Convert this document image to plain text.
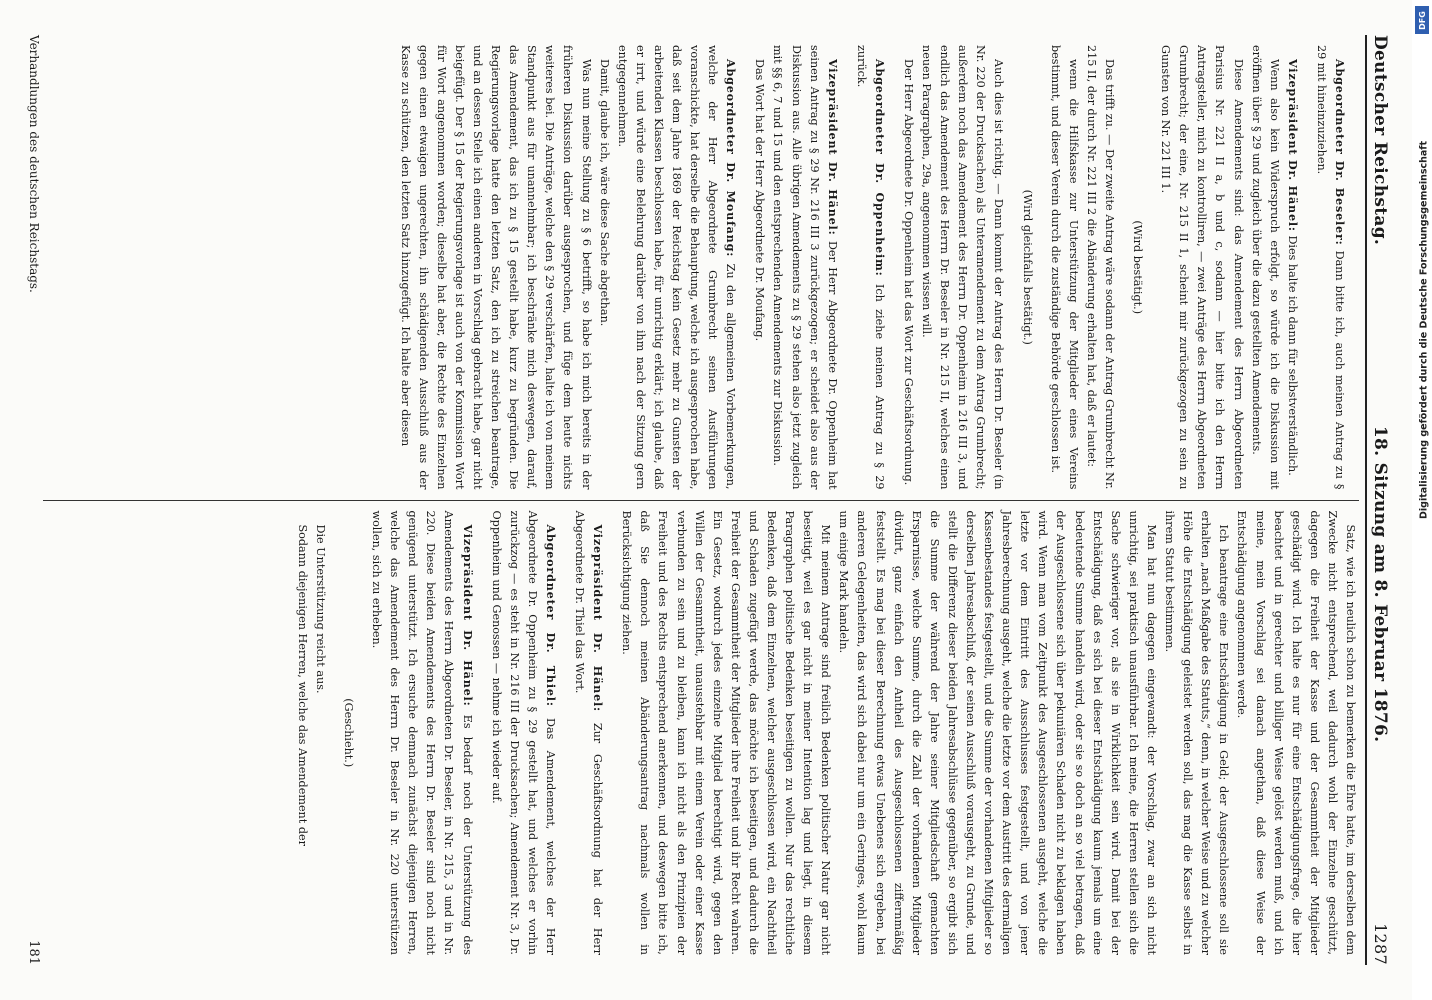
Deutscher Reichstag.
18. Sitzung am 8. Februar 1876.
1287

Abgeordneter Dr. Beseler: Dann bitte ich, auch meinen Antrag zu § 29 mit hineinzuziehen.

Vizepräsident Dr. Hänel: Dies halte ich dann für selbstverständlich.

Wenn also kein Widerspruch erfolgt, so würde ich die Diskussion mit eröffnen über § 29 und zugleich über die dazu gestellten Amendements.

Diese Amendements sind: das Amendement des Herrn Abgeordneten Parisius Nr. 221 II a, b und c, sodann — hier bitte ich den Herrn Antragsteller, mich zu kontrolliren, — zwei Anträge des Herrn Abgeordneten Grumbrecht; der eine, Nr. 215 II 1, scheint mir zurückgezogen zu sein zu Gunsten von Nr. 221 III 1.

(Wird bestätigt.)

Das trifft zu. — Der zweite Antrag wäre sodann der Antrag Grumbrecht Nr. 215 II, der durch Nr. 221 III 2 die Abänderung erhalten hat, daß er lautet:

wenn die Hilfskasse zur Unterstützung der Mitglieder eines Vereins bestimmt, und dieser Verein durch die zuständige Behörde geschlossen ist.

(Wird gleichfalls bestätigt.)

Auch dies ist richtig. — Dann kommt der Antrag des Herrn Dr. Beseler (in Nr. 220 der Drucksachen) als Unteramendement zu dem Antrag Grumbrecht; außerdem noch das Amendement des Herrn Dr. Oppenheim in 216 III 3, und endlich das Amendement des Herrn Dr. Beseler in Nr. 215 II, welches einen neuen Paragraphen, 29a, angenommen wissen will.

Der Herr Abgeordnete Dr. Oppenheim hat das Wort zur Geschäftsordnung.

Abgeordneter Dr. Oppenheim: Ich ziehe meinen Antrag zu § 29 zurück.

Vizepräsident Dr. Hänel: Der Herr Abgeordnete Dr. Oppenheim hat seinen Antrag zu § 29 Nr. 216 III 3 zurückgezogen; er scheidet also aus der Diskussion aus. Alle übrigen Amendements zu § 29 stehen also jetzt zugleich mit §§ 6, 7 und 15 und den entsprechenden Amendements zur Diskussion.

Das Wort hat der Herr Abgeordnete Dr. Moufang.

Abgeordneter Dr. Moufang: Zu den allgemeinen Vorbemerkungen, welche der Herr Abgeordnete Grumbrecht seinen Ausführungen voranschickte, hat derselbe die Behauptung, welche ich ausgesprochen habe, daß seit dem Jahre 1869 der Reichstag kein Gesetz mehr zu Gunsten der arbeitenden Klassen beschlossen habe, für unrichtig erklärt; ich glaube, daß er irrt, und würde eine Belehrung darüber von ihm nach der Sitzung gern entgegennehmen.

Damit, glaube ich, wäre diese Sache abgethan.

Was nun meine Stellung zu § 6 betrifft, so habe ich mich bereits in der früheren Diskussion darüber ausgesprochen, und füge dem heute nichts weiteres bei. Die Anträge, welche den § 29 verschärfen, halte ich von meinem Standpunkt aus für unannehmbar; ich beschränke mich deswegen, darauf, das Amendement, das ich zu § 15 gestellt habe, kurz zu begründen. Die Regierungsvorlage hatte den letzten Satz, den ich zu streichen beantrage, und an dessen Stelle ich einen anderen in Vorschlag gebracht habe, gar nicht beigefügt. Der § 15 der Regierungsvorlage ist auch von der Kommission Wort für Wort angenommen worden; dieselbe hat aber, die Rechte des Einzelnen gegen einen etwaigen ungerechten, ihn schädigenden Ausschluß aus der Kasse zu schützen, den letzten Satz hinzugefügt. Ich halte aber diesen

Satz, wie ich neulich schon zu bemerken die Ehre hatte, im derselben dem Zwecke nicht entsprechend, weil dadurch wohl der Einzelne geschützt, dagegen die Freiheit der Kasse und der Gesammtheit der Mitglieder geschädigt wird. Ich halte es nur für eine Entschädigungsfrage, die hier beachtet und in gerechter und billiger Weise gelöst werden muß, und ich meine, mein Vorschlag sei danach angethan, daß diese Weise der Entschädigung angenommen werde.

Ich beantrage eine Entschädigung in Geld; der Ausgeschlossene soll sie erhalten „nach Maßgabe des Statuts,“ denn, in welcher Weise und zu welcher Höhe die Entschädigung geleistet werden soll, das mag die Kasse selbst in ihrem Statut bestimmen.

Man hat nun dagegen eingewandt: der Vorschlag, zwar an sich nicht unrichtig, sei praktisch unausführbar. Ich meine, die Herren stellen sich die Sache schwieriger vor, als sie in Wirklichkeit sein wird. Damit bei der Entschädigung, daß es sich bei dieser Entschädigung kaum jemals um eine bedeutende Summe handeln wird, oder sie so doch an so viel betragen, daß der Ausgeschlossene sich über pekuniären Schaden nicht zu beklagen haben wird. Wenn man vom Zeitpunkt des Ausgeschlossenen ausgeht, welche die letzte vor dem Eintritt des Ausschlusses festgestellt, und von jener Jahresberechnung ausgeht, welche die letzte vor dem Austritt des dermaligen Kassenbestandes festgestellt, und die Summe der vorhandenen Mitglieder so derselben Jahresabschluß, der seinen Ausschluß vorausgeht, zu Grunde, und stellt die Differenz dieser beiden Jahresabschlüsse gegenüber, so ergibt sich die Summe der während der Jahre seiner Mitgliedschaft gemachten Ersparnisse, welche Summe, durch die Zahl der vorhandenen Mitglieder dividirt, ganz einfach den Antheil des Ausgeschlossenen ziffernmäßig feststellt. Es mag bei dieser Berechnung etwas Unebenes sich ergeben, bei anderen Gelegenheiten, das wird sich dabei nur um ein Geringes, wohl kaum um einige Mark handeln.

Mit meinem Antrage sind freilich Bedenken politischer Natur gar nicht beseitigt, weil es gar nicht in meiner Intention lag und liegt, in diesem Paragraphen politische Bedenken beseitigen zu wollen. Nur das rechtliche Bedenken, daß dem Einzelnen, welcher ausgeschlossen wird, ein Nachtheil und Schaden zugefügt werde, das möchte ich beseitigen, und dadurch die Freiheit der Gesammtheit der Mitglieder ihre Freiheit und ihr Recht wahren. Ein Gesetz, wodurch jedes einzelne Mitglied berechtigt wird, gegen den Willen der Gesammtheit, unausstehbar mit einem Verein oder einer Kasse verbunden zu sein und zu bleiben, kann ich nicht als den Prinzipien der Freiheit und des Rechts entsprechend anerkennen, und deswegen bitte ich, daß Sie dennoch meinen Abänderungsantrag nachmals wollen in Berücksichtigung ziehen.

Vizepräsident Dr. Hänel: Zur Geschäftsordnung hat der Herr Abgeordnete Dr. Thiel das Wort.

Abgeordneter Dr. Thiel: Das Amendement, welches der Herr Abgeordnete Dr. Oppenheim zu § 29 gestellt hat, und welches er vorhin zurückzog — es steht in Nr. 216 III der Drucksachen; Amendement Nr. 3, Dr. Oppenheim und Genossen — nehme ich wieder auf.

Vizepräsident Dr. Hänel: Es bedarf noch der Unterstützung des Amendements des Herrn Abgeordneten Dr. Beseler, in Nr. 215, 3 und in Nr. 220. Diese beiden Amendements des Herrn Dr. Beseler sind noch nicht genügend unterstützt. Ich ersuche demnach zunächst diejenigen Herren, welche das Amendement des Herrn Dr. Beseler in Nr. 220 unterstützen wollen, sich zu erheben.

(Geschieht.)

Die Unterstützung reicht aus.

Sodann diejenigen Herren, welche das Amendement der

Verhandlungen des deutschen Reichstags.
181
DFG
Digitalisierung gefördert durch die Deutsche Forschungsgemeinschaft
